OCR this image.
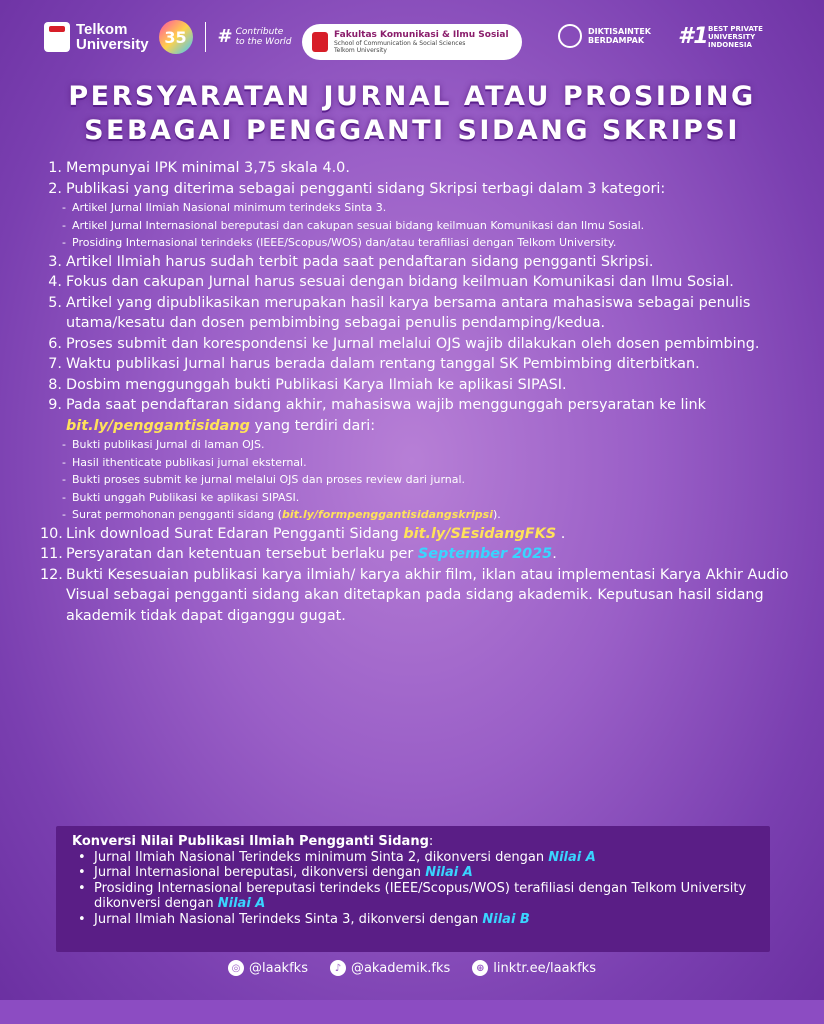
Telkom
University 35	# Contribute
to the World
Fakultas Komunikasi & Ilmu Sosial
School of Communication & Social Sciences
Telkom University
DIKTISAINTEK
BERDAMPAK	#1 BEST PRIVATE
UNIVERSITY
INDONESIA
PERSYARATAN JURNAL ATAU PROSIDING
SEBAGAI PENGGANTI SIDANG SKRIPSI
1. Mempunyai IPK minimal 3,75 skala 4.0.
2. Publikasi yang diterima sebagai pengganti sidang Skripsi terbagi dalam 3 kategori:
- Artikel Jurnal Ilmiah Nasional minimum terindeks Sinta 3.
- Artikel Jurnal Internasional bereputasi dan cakupan sesuai bidang keilmuan Komunikasi dan Ilmu Sosial.
- Prosiding Internasional terindeks (IEEE/Scopus/WOS) dan/atau terafiliasi dengan Telkom University.
3. Artikel Ilmiah harus sudah terbit pada saat pendaftaran sidang pengganti Skripsi.
4. Fokus dan cakupan Jurnal harus sesuai dengan bidang keilmuan Komunikasi dan Ilmu Sosial.
5. Artikel yang dipublikasikan merupakan hasil karya bersama antara mahasiswa sebagai penulis utama/kesatu dan dosen pembimbing sebagai penulis pendamping/kedua.
6. Proses submit dan korespondensi ke Jurnal melalui OJS wajib dilakukan oleh dosen pembimbing.
7. Waktu publikasi Jurnal harus berada dalam rentang tanggal SK Pembimbing diterbitkan.
8. Dosbim menggunggah bukti Publikasi Karya Ilmiah ke aplikasi SIPASI.
9. Pada saat pendaftaran sidang akhir, mahasiswa wajib menggunggah persyaratan ke link bit.ly/penggantisidang yang terdiri dari:
- Bukti publikasi Jurnal di laman OJS.
- Hasil ithenticate publikasi jurnal eksternal.
- Bukti proses submit ke jurnal melalui OJS dan proses review dari jurnal.
- Bukti unggah Publikasi ke aplikasi SIPASI.
- Surat permohonan pengganti sidang (bit.ly/formpenggantisidangskripsi).
10. Link download Surat Edaran Pengganti Sidang bit.ly/SEsidangFKS .
11. Persyaratan dan ketentuan tersebut berlaku per September 2025.
12. Bukti Kesesuaian publikasi karya ilmiah/ karya akhir film, iklan atau implementasi Karya Akhir Audio Visual sebagai pengganti sidang akan ditetapkan pada sidang akademik. Keputusan hasil sidang akademik tidak dapat diganggu gugat.
Konversi Nilai Publikasi Ilmiah Pengganti Sidang:
• Jurnal Ilmiah Nasional Terindeks minimum Sinta 2, dikonversi dengan Nilai A
• Jurnal Internasional bereputasi, dikonversi dengan Nilai A
• Prosiding Internasional bereputasi terindeks (IEEE/Scopus/WOS) terafiliasi dengan Telkom University dikonversi dengan Nilai A
• Jurnal Ilmiah Nasional Terindeks Sinta 3, dikonversi dengan Nilai B
◎ @laakfks	♪ @akademik.fks	⊕ linktr.ee/laakfks
